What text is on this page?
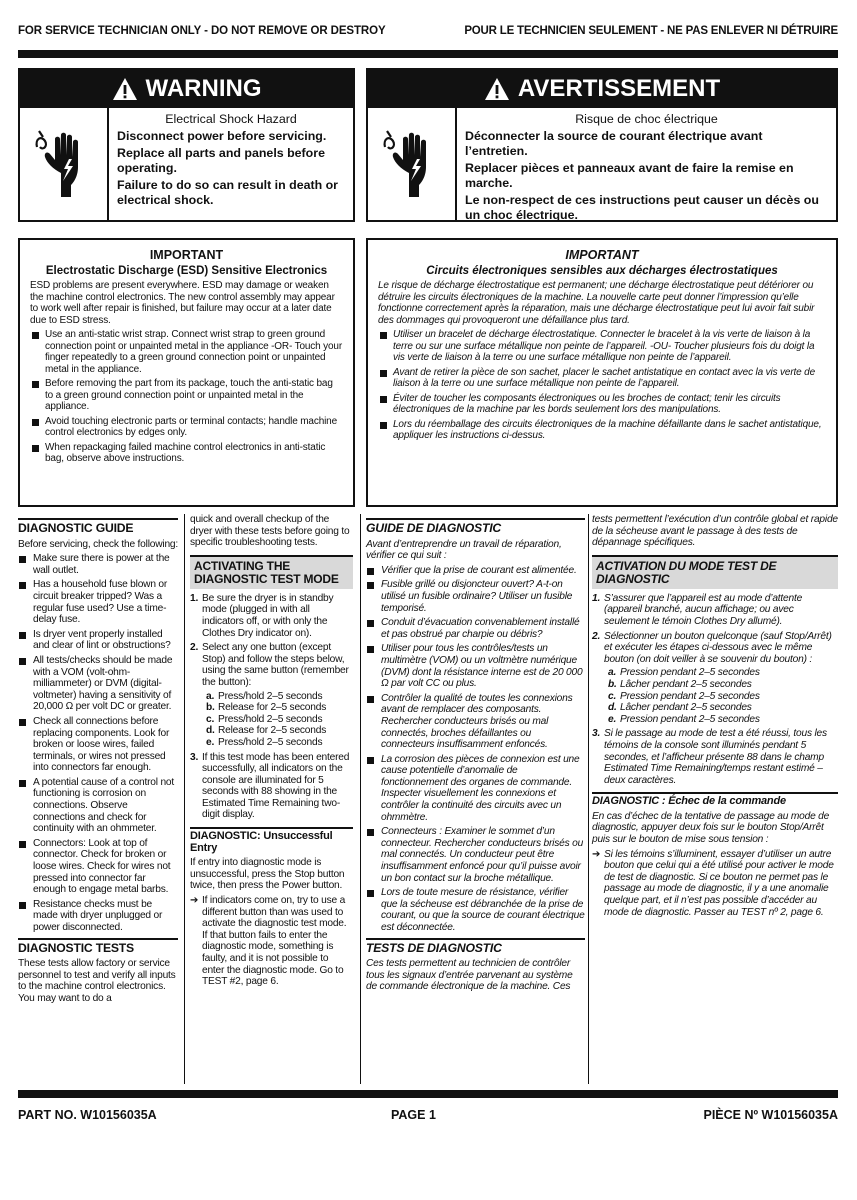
FOR SERVICE TECHNICIAN ONLY - DO NOT REMOVE OR DESTROY	POUR LE TECHNICIEN SEULEMENT - NE PAS ENLEVER NI DÉTRUIRE
WARNING

Electrical Shock Hazard

Disconnect power before servicing.

Replace all parts and panels before operating.

Failure to do so can result in death or electrical shock.

AVERTISSEMENT

Risque de choc électrique

Déconnecter la source de courant électrique avant l’entretien.

Replacer pièces et panneaux avant de faire la remise en marche.

Le non-respect de ces instructions peut causer un décès ou un choc électrique.

IMPORTANT
Electrostatic Discharge (ESD) Sensitive Electronics

ESD problems are present everywhere. ESD may damage or weaken the machine control electronics. The new control assembly may appear to work well after repair is finished, but failure may occur at a later date due to ESD stress.

Use an anti-static wrist strap. Connect wrist strap to green ground connection point or unpainted metal in the appliance -OR- Touch your finger repeatedly to a green ground connection point or unpainted metal in the appliance.
Before removing the part from its package, touch the anti-static bag to a green ground connection point or unpainted metal in the appliance.
Avoid touching electronic parts or terminal contacts; handle machine control electronics by edges only.
When repackaging failed machine control electronics in anti-static bag, observe above instructions.
IMPORTANT
Circuits électroniques sensibles aux décharges électrostatiques

Le risque de décharge électrostatique est permanent; une décharge électrostatique peut détériorer ou détruire les circuits électroniques de la machine. La nouvelle carte peut donner l’impression qu’elle fonctionne correctement après la réparation, mais une décharge électrostatique peut lui avoir fait subir des dommages qui provoqueront une défaillance plus tard.

Utiliser un bracelet de décharge électrostatique. Connecter le bracelet à la vis verte de liaison à la terre ou sur une surface métallique non peinte de l’appareil. -OU- Toucher plusieurs fois du doigt la vis verte de liaison à la terre ou une surface métallique non peinte de l’appareil.
Avant de retirer la pièce de son sachet, placer le sachet antistatique en contact avec la vis verte de liaison à la terre ou une surface métallique non peinte de l’appareil.
Éviter de toucher les composants électroniques ou les broches de contact; tenir les circuits électroniques de la machine par les bords seulement lors des manipulations.
Lors du réemballage des circuits électroniques de la machine défaillante dans le sachet antistatique, appliquer les instructions ci-dessus.
DIAGNOSTIC GUIDE

Before servicing, check the following:

Make sure there is power at the wall outlet.
Has a household fuse blown or circuit breaker tripped? Was a regular fuse used? Use a time-delay fuse.
Is dryer vent properly installed and clear of lint or obstructions?
All tests/checks should be made with a VOM (volt-ohm-milliammeter) or DVM (digital-voltmeter) having a sensitivity of 20,000 Ω per volt DC or greater.
Check all connections before replacing components. Look for broken or loose wires, failed terminals, or wires not pressed into connectors far enough.
A potential cause of a control not functioning is corrosion on connections. Observe connections and check for continuity with an ohmmeter.
Connectors: Look at top of connector. Check for broken or loose wires. Check for wires not pressed into connector far enough to engage metal barbs.
Resistance checks must be made with dryer unplugged or power disconnected.
DIAGNOSTIC TESTS

These tests allow factory or service personnel to test and verify all inputs to the machine control electronics. You may want to do a

quick and overall checkup of the dryer with these tests before going to specific troubleshooting tests.

ACTIVATING THE DIAGNOSTIC TEST MODE
1. Be sure the dryer is in standby mode (plugged in with all indicators off, or with only the Clothes Dry indicator on).
2. Select any one button (except Stop) and follow the steps below, using the same button (remember the button):
a. Press/hold 2–5 seconds
b. Release for 2–5 seconds
c. Press/hold 2–5 seconds
d. Release for 2–5 seconds
e. Press/hold 2–5 seconds
3. If this test mode has been entered successfully, all indicators on the console are illuminated for 5 seconds with 88 showing in the Estimated Time Remaining two-digit display.
DIAGNOSTIC: Unsuccessful Entry

If entry into diagnostic mode is unsuccessful, press the Stop button twice, then press the Power button.

➔ If indicators come on, try to use a different button than was used to activate the diagnostic test mode. If that button fails to enter the diagnostic mode, something is faulty, and it is not possible to enter the diagnostic mode. Go to TEST #2, page 6.

GUIDE DE DIAGNOSTIC

Avant d’entreprendre un travail de réparation, vérifier ce qui suit :

Vérifier que la prise de courant est alimentée.
Fusible grillé ou disjoncteur ouvert? A-t-on utilisé un fusible ordinaire? Utiliser un fusible temporisé.
Conduit d’évacuation convenablement installé et pas obstrué par charpie ou débris?
Utiliser pour tous les contrôles/tests un multimètre (VOM) ou un voltmètre numérique (DVM) dont la résistance interne est de 20 000 Ω par volt CC ou plus.
Contrôler la qualité de toutes les connexions avant de remplacer des composants. Rechercher conducteurs brisés ou mal connectés, broches défaillantes ou connecteurs insuffisamment enfoncés.
La corrosion des pièces de connexion est une cause potentielle d’anomalie de fonctionnement des organes de commande. Inspecter visuellement les connexions et contrôler la continuité des circuits avec un ohmmètre.
Connecteurs : Examiner le sommet d’un connecteur. Rechercher conducteurs brisés ou mal connectés. Un conducteur peut être insuffisamment enfoncé pour qu’il puisse avoir un bon contact sur la broche métallique.
Lors de toute mesure de résistance, vérifier que la sécheuse est débranchée de la prise de courant, ou que la source de courant électrique est déconnectée.
TESTS DE DIAGNOSTIC

Ces tests permettent au technicien de contrôler tous les signaux d’entrée parvenant au système de commande électronique de la machine. Ces

tests permettent l’exécution d’un contrôle global et rapide de la sécheuse avant le passage à des tests de dépannage spécifiques.

ACTIVATION DU MODE TEST DE DIAGNOSTIC
1. S’assurer que l’appareil est au mode d’attente (appareil branché, aucun affichage; ou avec seulement le témoin Clothes Dry allumé).
2. Sélectionner un bouton quelconque (sauf Stop/Arrêt) et exécuter les étapes ci-dessous avec le même bouton (on doit veiller à se souvenir du bouton) :
a. Pression pendant 2–5 secondes
b. Lâcher pendant 2–5 secondes
c. Pression pendant 2–5 secondes
d. Lâcher pendant 2–5 secondes
e. Pression pendant 2–5 secondes
3. Si le passage au mode de test a été réussi, tous les témoins de la console sont illuminés pendant 5 secondes, et l’afficheur présente 88 dans le champ Estimated Time Remaining/temps restant estimé – deux caractères.
DIAGNOSTIC : Échec de la commande

En cas d’échec de la tentative de passage au mode de diagnostic, appuyer deux fois sur le bouton Stop/Arrêt puis sur le bouton de mise sous tension :

➔ Si les témoins s’illuminent, essayer d’utiliser un autre bouton que celui qui a été utilisé pour activer le mode de test de diagnostic. Si ce bouton ne permet pas le passage au mode de diagnostic, il y a une anomalie quelque part, et il n’est pas possible d’accéder au mode de diagnostic. Passer au TEST nº 2, page 6.

PART NO. W10156035A	PAGE 1	PIÈCE Nº W10156035A
